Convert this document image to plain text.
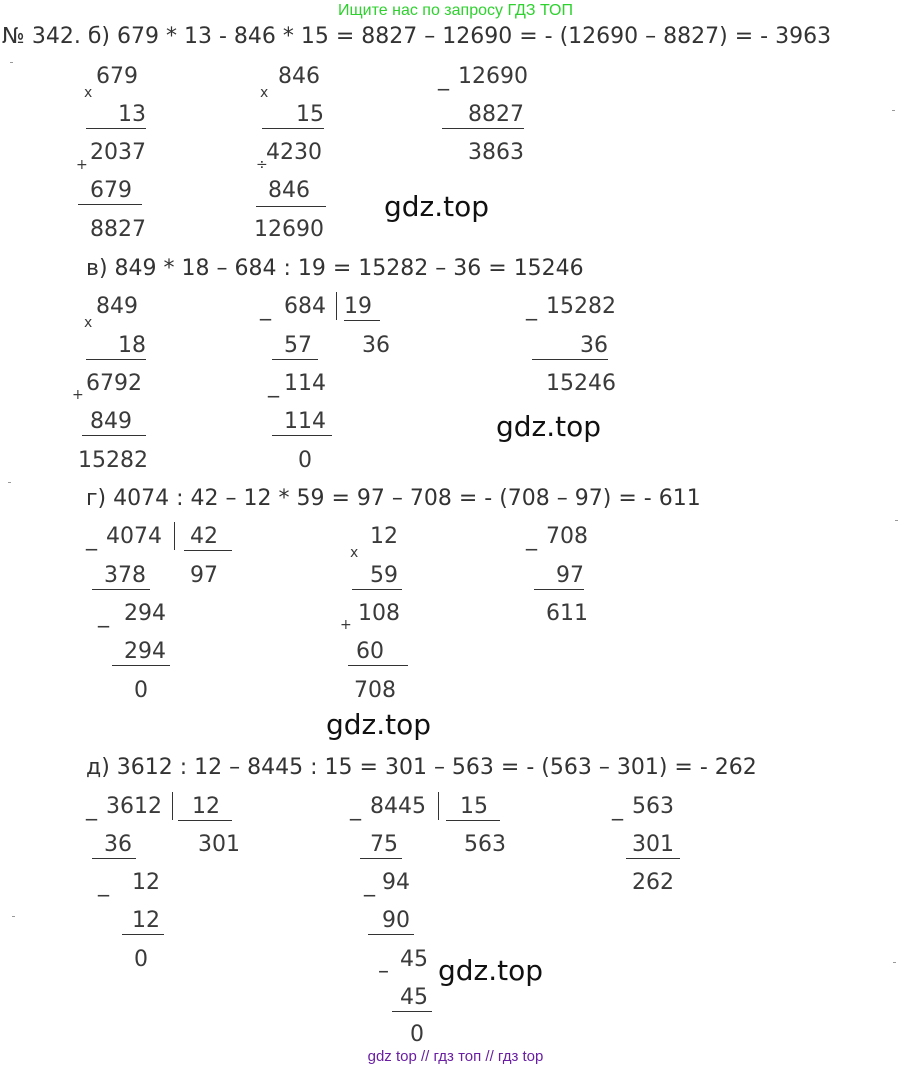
Ищите нас по запросу ГДЗ ТОП
№ 342. б) 679 * 13 - 846 * 15 = 8827 – 12690 = - (12690 – 8827) = - 3963
x
679
13
+ 2037
679
8827
x
846
15
÷
4230
846
12690
_ 12690
8827
3863
gdz.top
в) 849 * 18 – 684 : 19 = 15282 – 36 = 15246
x
849
18
+ 6792
849
15282
_ 684 19
57 36
_ 114
114
0
_ 15282
36
15246
gdz.top
г) 4074 : 42 – 12 * 59 = 97 – 708 = - (708 – 97) = - 611
_ 4074 42
378 97
_ 294
294
0
x
12
59
+ 108
60
708
_ 708
97
611
gdz.top
д) 3612 : 12 – 8445 : 15 = 301 – 563 = - (563 – 301) = - 262
_ 3612	12
36	301
_ 12
12
0
_ 8445	15
75	563
_ 94
90
– 45
45
0
_ 563
301
262
gdz.top
gdz top // гдз топ // гдз top
